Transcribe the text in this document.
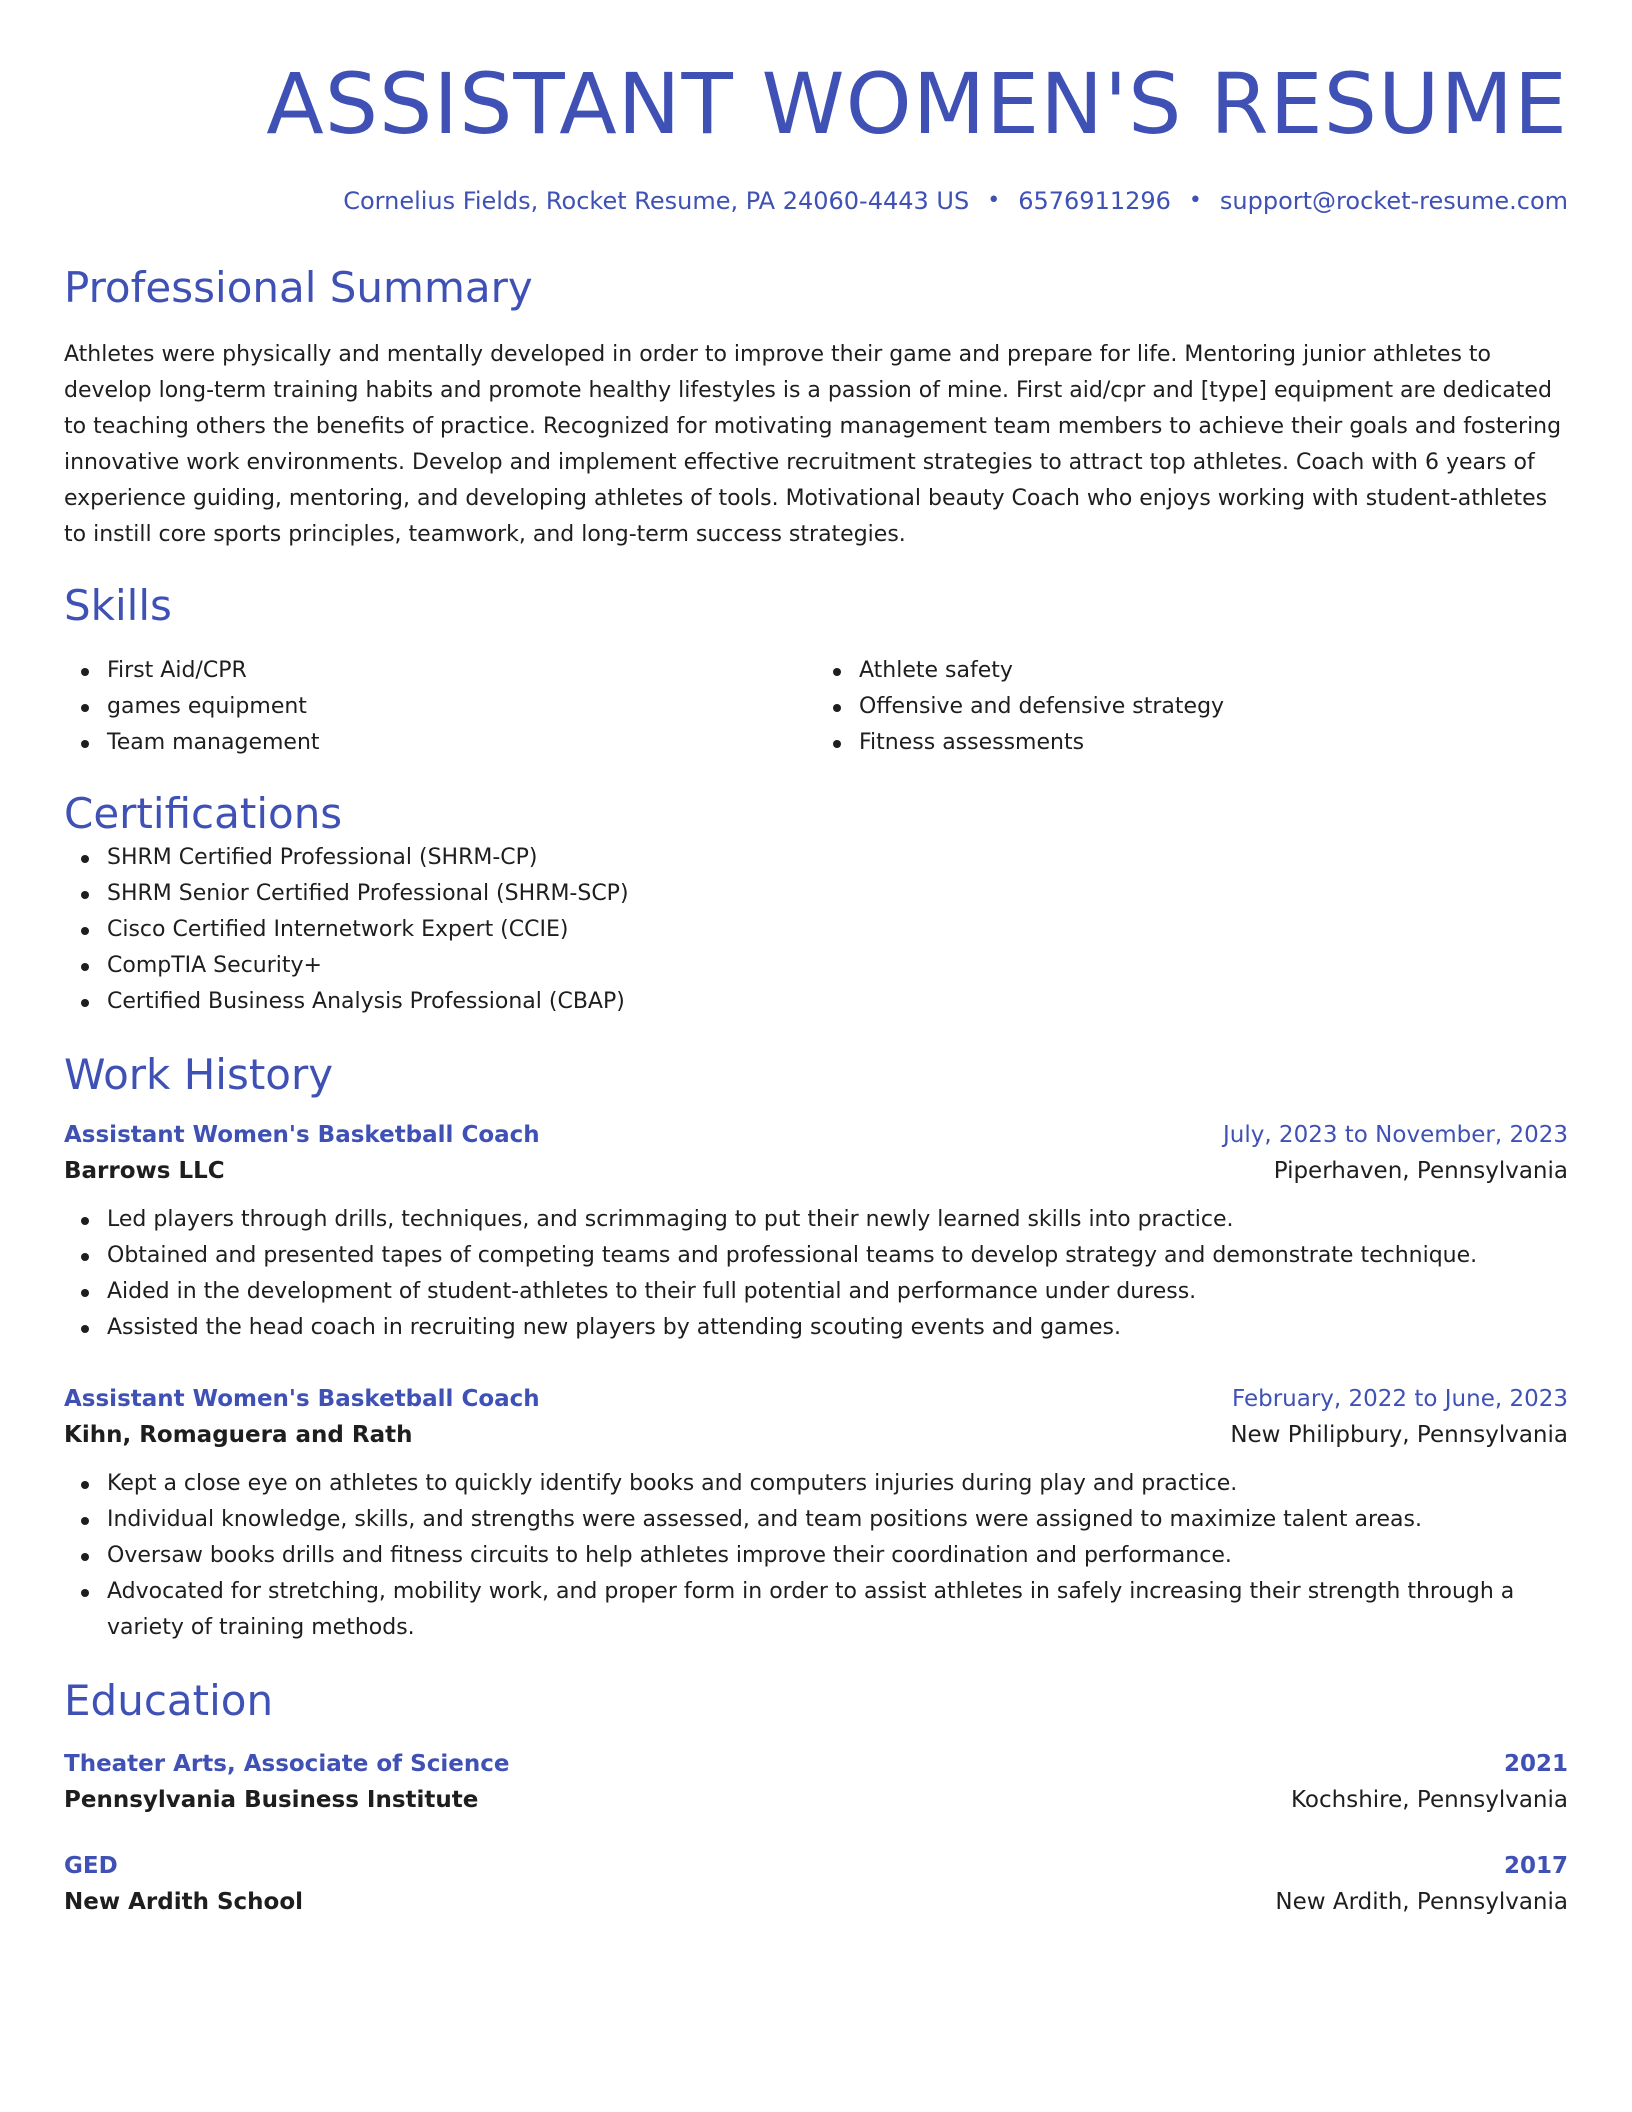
ASSISTANT WOMEN'S RESUME
Cornelius Fields, Rocket Resume, PA 24060-4443 US • 6576911296 • support@rocket-resume.com
Professional Summary

Athletes were physically and mentally developed in order to improve their game and prepare for life. Mentoring junior athletes to develop long-term training habits and promote healthy lifestyles is a passion of mine. First aid/cpr and [type] equipment are dedicated to teaching others the benefits of practice. Recognized for motivating management team members to achieve their goals and fostering innovative work environments. Develop and implement effective recruitment strategies to attract top athletes. Coach with 6 years of experience guiding, mentoring, and developing athletes of tools. Motivational beauty Coach who enjoys working with student-athletes to instill core sports principles, teamwork, and long-term success strategies.

Skills
First Aid/CPR
games equipment
Team management
Athlete safety
Offensive and defensive strategy
Fitness assessments
Certifications
SHRM Certified Professional (SHRM-CP)
SHRM Senior Certified Professional (SHRM-SCP)
Cisco Certified Internetwork Expert (CCIE)
CompTIA Security+
Certified Business Analysis Professional (CBAP)
Work History
Assistant Women's Basketball Coach	July, 2023 to November, 2023
Barrows LLC	Piperhaven, Pennsylvania
Led players through drills, techniques, and scrimmaging to put their newly learned skills into practice.
Obtained and presented tapes of competing teams and professional teams to develop strategy and demonstrate technique.
Aided in the development of student-athletes to their full potential and performance under duress.
Assisted the head coach in recruiting new players by attending scouting events and games.
Assistant Women's Basketball Coach	February, 2022 to June, 2023
Kihn, Romaguera and Rath	New Philipbury, Pennsylvania
Kept a close eye on athletes to quickly identify books and computers injuries during play and practice.
Individual knowledge, skills, and strengths were assessed, and team positions were assigned to maximize talent areas.
Oversaw books drills and fitness circuits to help athletes improve their coordination and performance.
Advocated for stretching, mobility work, and proper form in order to assist athletes in safely increasing their strength through a variety of training methods.
Education
Theater Arts, Associate of Science	2021
Pennsylvania Business Institute	Kochshire, Pennsylvania
GED	2017
New Ardith School	New Ardith, Pennsylvania
